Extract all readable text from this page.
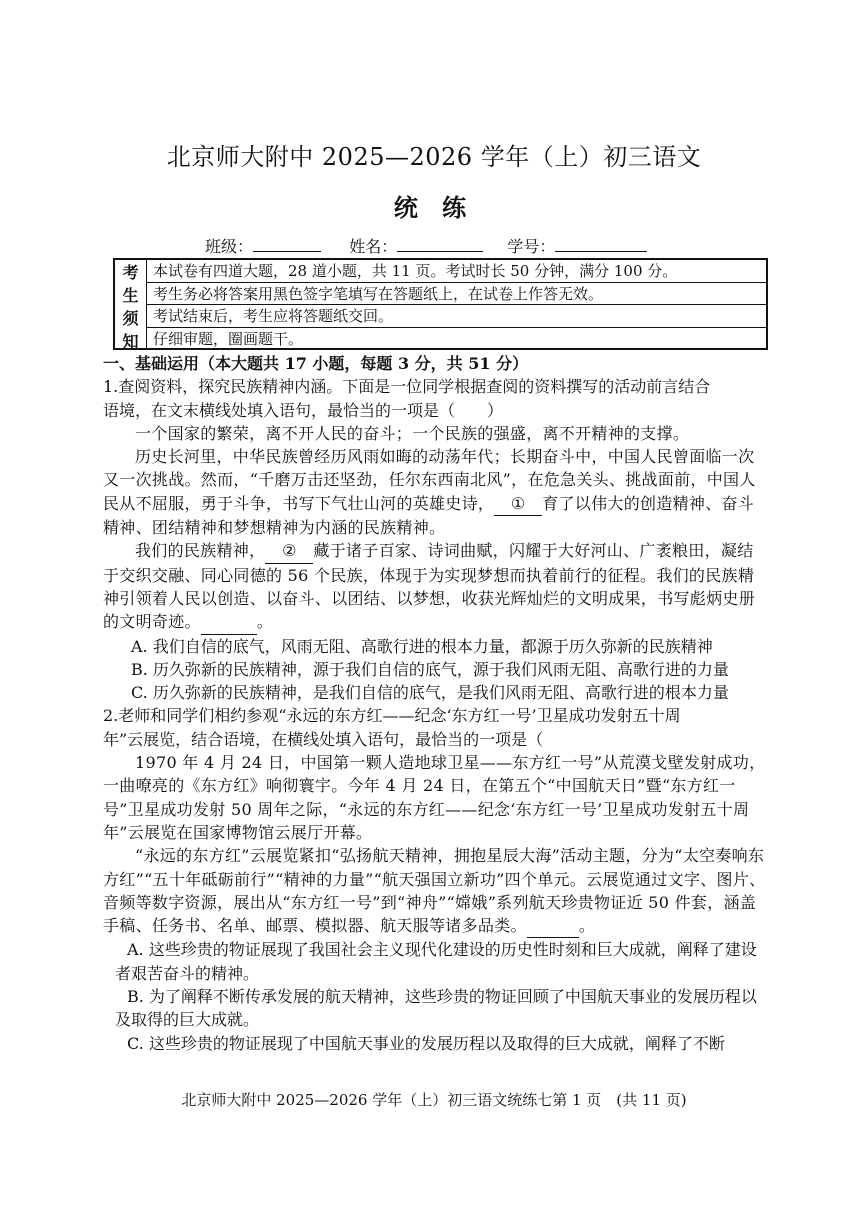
北京师大附中 2025—2026 学年（上）初三语文
统 练
班级：	姓名：	学号：
考
生
须
知
本试卷有四道大题，28 道小题，共 11 页。考试时长 50 分钟，满分 100 分。
考生务必将答案用黑色签字笔填写在答题纸上，在试卷上作答无效。
考试结束后，考生应将答题纸交回。
仔细审题，圈画题干。

一、基础运用（本大题共 17 小题，每题 3 分，共 51 分）

1.查阅资料，探究民族精神内涵。下面是一位同学根据查阅的资料撰写的活动前言结合
语境，在文末横线处填入语句，最恰当的一项是（　　）

一个国家的繁荣，离不开人民的奋斗；一个民族的强盛，离不开精神的支撑。

历史长河里，中华民族曾经历风雨如晦的动荡年代；长期奋斗中，中国人民曾面临一次又一次挑战。然而，“千磨万击还坚劲，任尔东西南北风”，在危急关头、挑战面前，中国人民从不屈服，勇于斗争，书写下气壮山河的英雄史诗， ① 育了以伟大的创造精神、奋斗精神、团结精神和梦想精神为内涵的民族精神。

我们的民族精神， ② 藏于诸子百家、诗词曲赋，闪耀于大好河山、广袤粮田，凝结于交织交融、同心同德的 56 个民族，体现于为实现梦想而执着前行的征程。我们的民族精神引领着人民以创造、以奋斗、以团结、以梦想，收获光辉灿烂的文明成果，书写彪炳史册的文明奇迹。	。

A. 我们自信的底气，风雨无阻、高歌行进的根本力量，都源于历久弥新的民族精神

B. 历久弥新的民族精神，源于我们自信的底气，源于我们风雨无阻、高歌行进的力量

C. 历久弥新的民族精神，是我们自信的底气，是我们风雨无阻、高歌行进的根本力量

2.老师和同学们相约参观“永远的东方红——纪念‘东方红一号’卫星成功发射五十周
年”云展览，结合语境，在横线处填入语句，最恰当的一项是（

1970 年 4 月 24 日，中国第一颗人造地球卫星——东方红一号”从荒漠戈壁发射成功，一曲嘹亮的《东方红》响彻寰宇。今年 4 月 24 日，在第五个“中国航天日”暨“东方红一号”卫星成功发射 50 周年之际，“永远的东方红——纪念‘东方红一号’卫星成功发射五十周年”云展览在国家博物馆云展厅开幕。

“永远的东方红”云展览紧扣“弘扬航天精神，拥抱星辰大海”活动主题，分为“太空奏响东方红”“五十年砥砺前行”“精神的力量”“航天强国立新功”四个单元。云展览通过文字、图片、音频等数字资源，展出从“东方红一号”到“神舟”“嫦娥”系列航天珍贵物证近 50 件套，涵盖手稿、任务书、名单、邮票、模拟器、航天服等诸多品类。	。

A. 这些珍贵的物证展现了我国社会主义现代化建设的历史性时刻和巨大成就，阐释了建设者艰苦奋斗的精神。

B. 为了阐释不断传承发展的航天精神，这些珍贵的物证回顾了中国航天事业的发展历程以及取得的巨大成就。

C. 这些珍贵的物证展现了中国航天事业的发展历程以及取得的巨大成就，阐释了不断

北京师大附中 2025—2026 学年（上）初三语文统练七第 1 页　(共 11 页)
